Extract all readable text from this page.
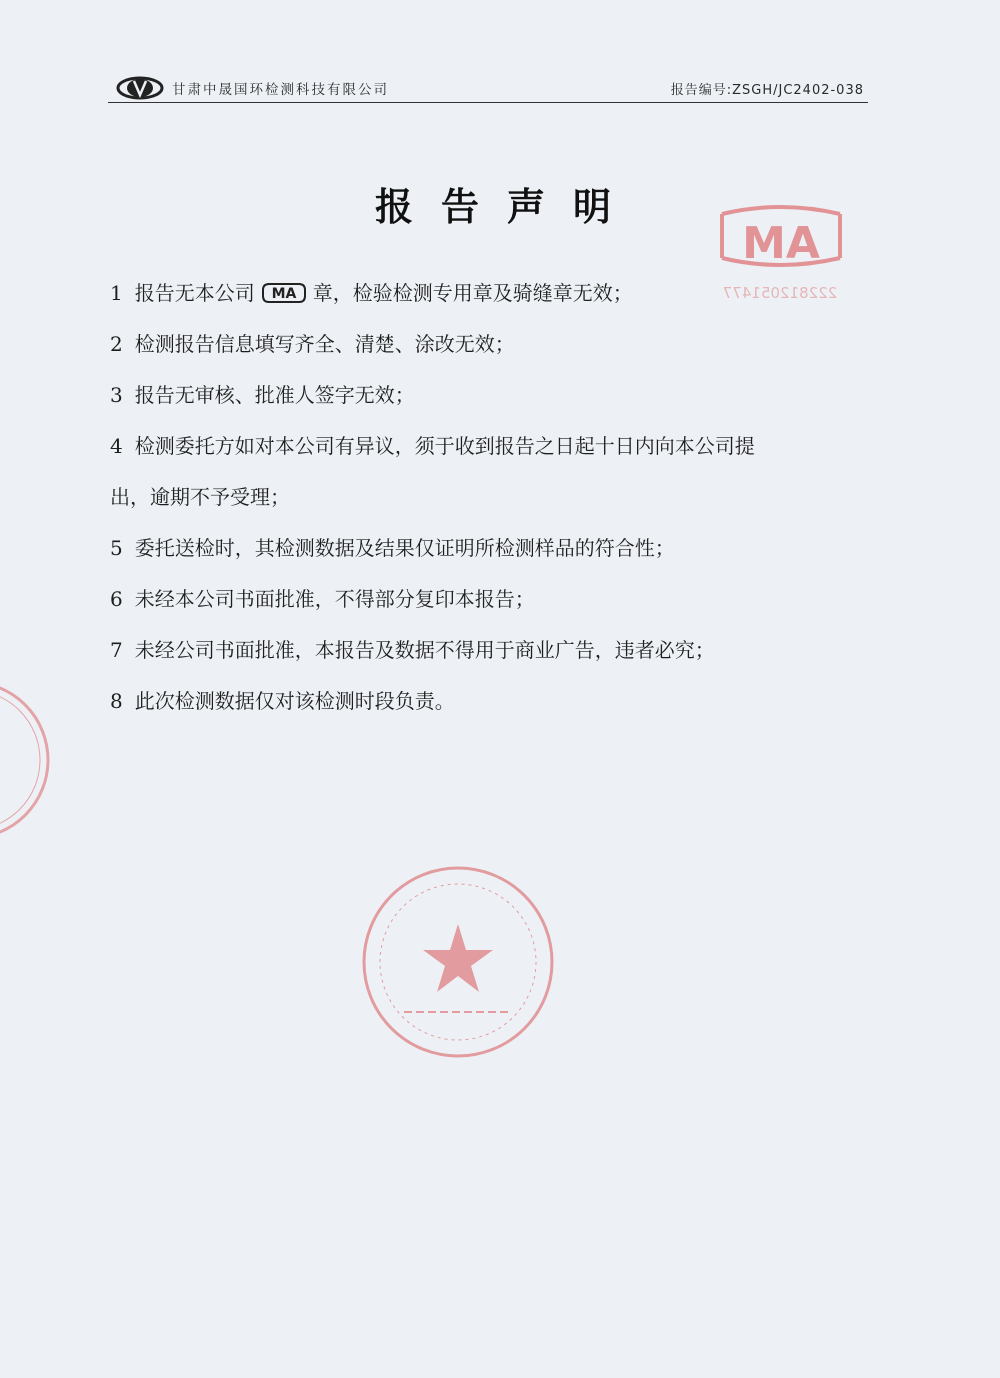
甘肃中晟国环检测科技有限公司	报告编号:ZSGH/JC2402-038
报告声明
1 报告无本公司 MA 章，检验检测专用章及骑缝章无效；
2 检测报告信息填写齐全、清楚、涂改无效；
3 报告无审核、批准人签字无效；
4 检测委托方如对本公司有异议，须于收到报告之日起十日内向本公司提
出，逾期不予受理；
5 委托送检时，其检测数据及结果仅证明所检测样品的符合性；
6 未经本公司书面批准，不得部分复印本报告；
7 未经公司书面批准，本报告及数据不得用于商业广告，违者必究；
8 此次检测数据仅对该检测时段负责。
MA
222812051477
